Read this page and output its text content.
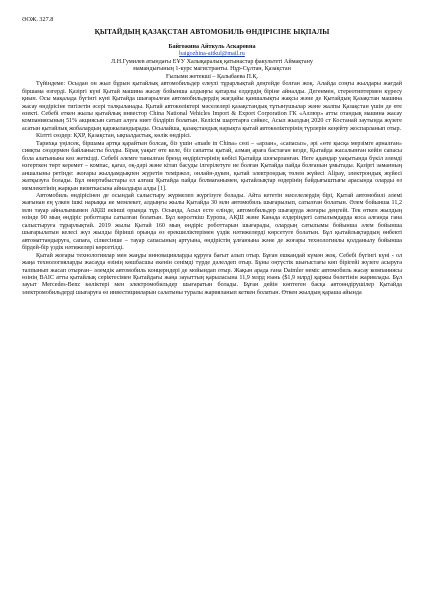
ӘОЖ. 327.8

ҚЫТАЙДЫҢ ҚАЗАҚСТАН АВТОМОБИЛЬ ӨНДІРІСІНЕ ЫҚПАЛЫ

Байгожина Айткуль Аскаровна

baigozhina-aitkul@mail.ru

Л.Н.Гумилев атындағы ЕҰУ Халықаралық қатынастар факультеті Аймақтану

мамандығының 1-курс магистранты. Нұр-Сұлтан, Қазақстан

Ғылыми жетекші – Қалыбаева П.Қ.

Түйіндеме: Осыдан он жыл бұрын қытайлық автомобильдер елеулі тұрарлықтай деңгейде болған жоқ. Алайда соңғы жылдары жағдай біршама өзгерді. Қазіргі күні Қытай машина жасау бойынша алдыңғы қатарлы елдердің біріне айналды. Дегенмен, стереотиптермен күресу қиын. Осы мақалада бүгінгі күні Қытайда шығарылған автомобильдердің жағдайы қаншалықты жақсы және де Қытайдың Қазақстан машина жасау өндірісіне тигізетін әсері талқыланады. Қытай автокөліктері мәселелері қазақстандық тұтынушылар және жалпы Қазақстан үшін де өте өзекті. Себебі еткен жылы қытайлық инвестор China National Vehicles Import & Export Corporation ГК «Аллюр» атты отандық машина жасау компаниясының 51% акциясын сатып алуға ниет білдіріп болатын. Келісім шарттарға сәйкес, Асыл жылдың 2020 ст Костанай заутында жүзеге асатын қытайлық жобалардың қаржыландырады. Осылайша, қазақстандық нарықта қытай автокөліктерінің түрлерін кеңейту жоспарланып отыр.

Кілтті сөздер: ҚХР, Қазақстан, ықпалдастық, көлік өндірісі.

Тарихқа үңілсек, біршама артқа қарайтын болсақ, біз үшін «made in China» сөзі – «арзан», «сапасыз», әрі «өте қысқа мерзімге арналған» сияқты сөздермен байланысты болды. Бірақ уақыт өте келе, біз сапатты қытай, алмаң араға бастаған кезде, Қытайда жасалынған кейін сапасы бола алатынына көз жеткізді. Себебі әлемге танылған бренд өндірістерінің көбісі Қытайда шоғырланған. Неге адамдар уақытында бүкіл әлемді өзгерткен төрт керемет – компас, қағаз, оқ-дәрі және кітап басуды ілгерілетуге ие болған Қытайда пайда болғанын ұмытады. Қазіргі заманның аншалыны ретінде: жоғары жылдамдықпен жүретін теміржол, онлайн-дүкен, қытай электрондық төлем жүйесі Alipay, электрондық жүйесі жатқызуға болады. Бұл өнертабыстары ел алғаш Қытайда пайда болмағанымен, қытайлықтар өздерінің бәйдығыштығы арасында оларды өз мемлекетінің жарқын визиткасына айналдыра алды [1].

Автомобиль өндірісінен де осындай салыстыру жүрмелеп жүргізуге болады. Айта кететін мәселелердің бірі, Қытай автомобилі әлемі жағынан ең үлкен ішкі нарыққа ие мемлекет, алдыңғы жылы Қытайда 30 млн автомобиль шығарылып, сатылған болатын. Әлем бойынша 11,2 млн тауар айналымымен АҚШ екінші орында тұр. Осында, Асыл есте елінде, автомобильдер шығаруда жоғары деңгейі. Тек өткен жылдың өзінде 90 мың өндіріс роботтары сатылған болатын. Бұл көрсеткіш Еуропа, АҚШ және Канада елдеріндегі сатылымдарда коса алғанда гана салыстыруға тұрарлықтай. 2019 жылы Қытай 160 мың өндіріс роботтарын шығарады, олардың сатылымы бойынша әлем бойынша шығарылатын келесі жүз жылды бірінші орында өз ерекшеліктерімен үздік нәтижелерді көрсетуге болатын. Бұл қытайлықтардың өнбекті автоматтандыруға, сапаға, сілкесінше – тауар сапасының артуына, өндірістің ұлғаюына және де жоғары технологиялы қолданылу бойынша бірдей-бір үздік нәтижелері көрсетілді.

Қытай жоғары технологиялар мен жаңды инновацияларды құруға бағыт алып отыр. Бұған ешкандай күмән жоқ. Себебі бүгінгі күні - ол жаңа технологияларды жасауда өзінің көшбасшы екенін сенімді түрде дәлелдеп отыр. Бұны оңтүстік шығыстағы көп бірігейі жүзеге асыруға талпынып жасап отырған– әлемдік автомобиль концерндері де мойындап отыр. Жақын арада ғана Daimler неміс автомобиль жасау компаниясы өзінің BAIC атты қытайлық серіктесімен Қытайдағы жаңа зауыттың қарыласына 11,9 млрд юань ($1,9 млрд) қаржы бөлетінін жариялады. Бұл зауыт Mercedes-Benz көліктері мен электромобильдер шығаратын болады. Бұған дейін көптеген басқа автоөндірушілер Қытайда электромобильдерді шығаруға өз инвестицияларын салатыны туралы жарияланып кеткен болатын. Өткен жылдың қараша айында
